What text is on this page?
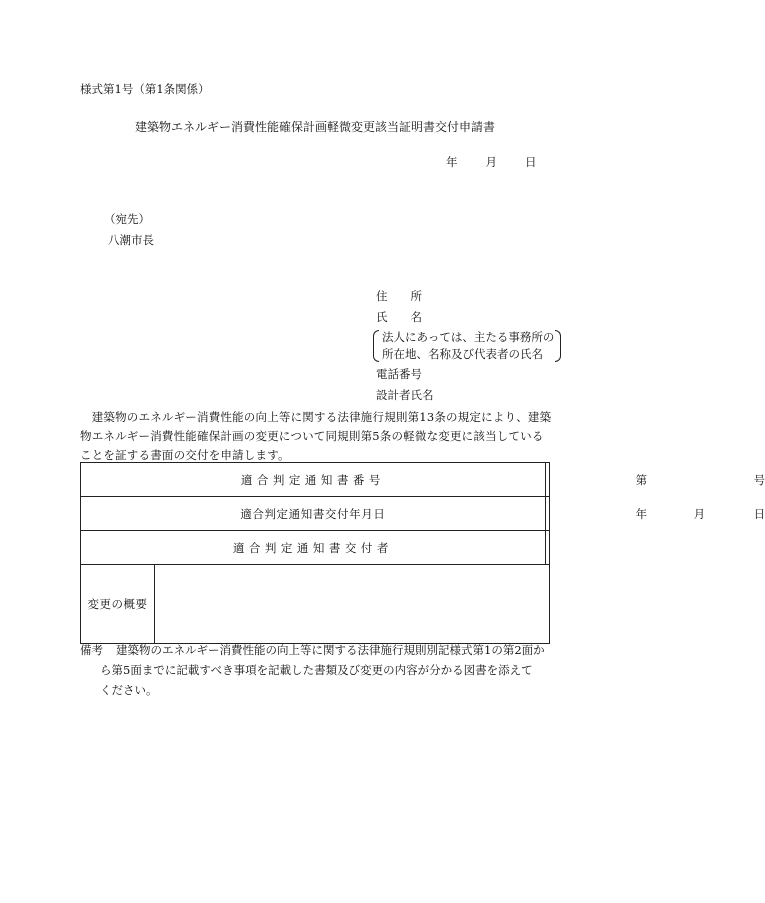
様式第1号（第1条関係）
建築物エネルギー消費性能確保計画軽微変更該当証明書交付申請書
年 月 日
（宛先）
八潮市長
住　　所
氏　　名
法人にあっては、主たる事務所の
所在地、名称及び代表者の氏名
電話番号
設計者氏名
　建築物のエネルギー消費性能の向上等に関する法律施行規則第13条の規定により、建築物エネルギー消費性能確保計画の変更について同規則第5条の軽微な変更に該当していることを証する書面の交付を申請します。
適合判定通知書番号		第 号

適合判定通知書交付年月日		年 月 日

適合判定通知書交付者		
変更の概要		
備考 建築物のエネルギー消費性能の向上等に関する法律施行規則別記様式第1の第2面か
ら第5面までに記載すべき事項を記載した書類及び変更の内容が分かる図書を添えて
ください。
